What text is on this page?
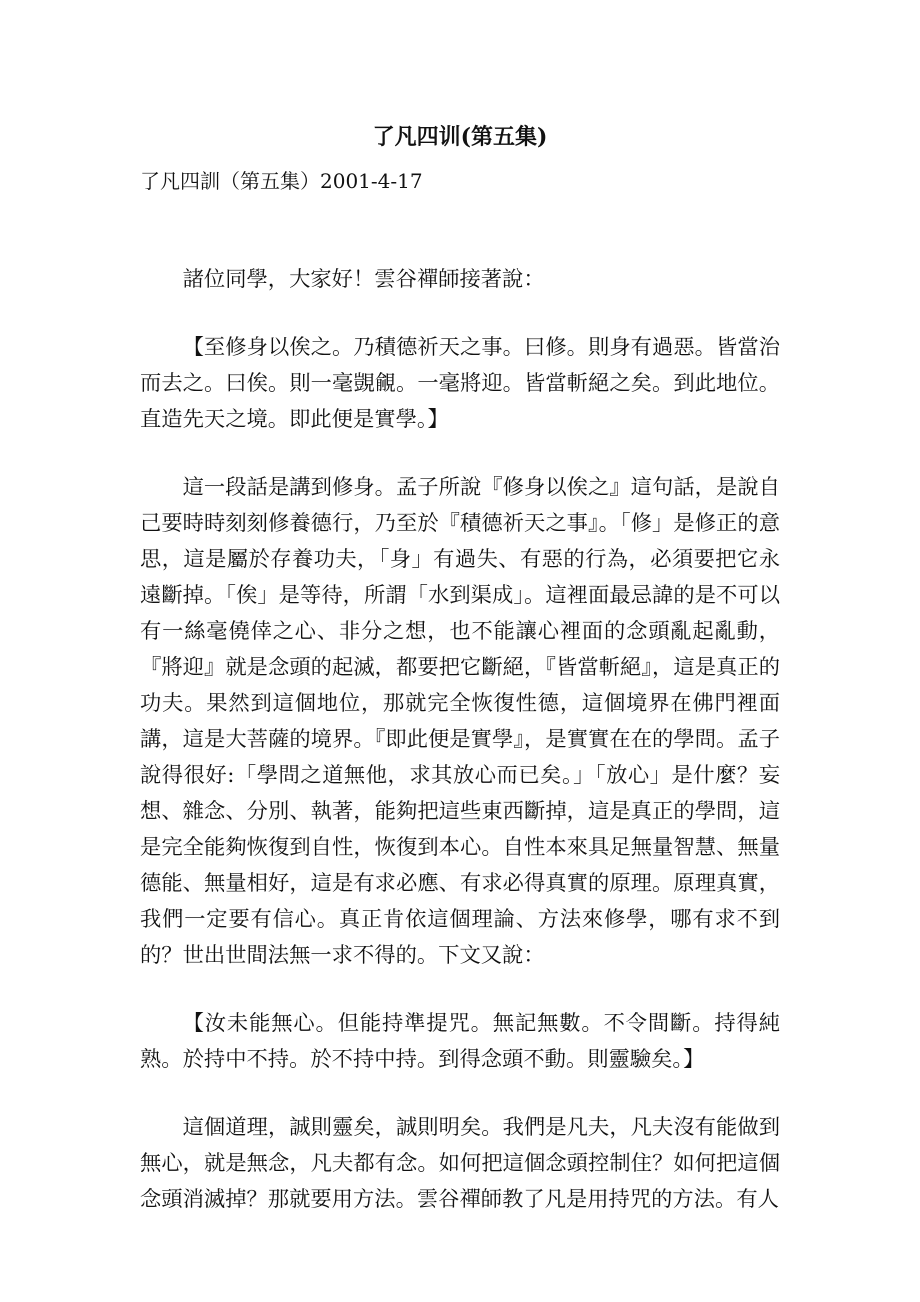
了凡四训(第五集)

了凡四訓（第五集）2001-4-17

諸位同學，大家好！雲谷禪師接著說：

【至修身以俟之。乃積德祈天之事。曰修。則身有過惡。皆當治而去之。曰俟。則一毫覬覦。一毫將迎。皆當斬絕之矣。到此地位。直造先天之境。即此便是實學。】

這一段話是講到修身。孟子所說『修身以俟之』這句話，是說自己要時時刻刻修養德行，乃至於『積德祈天之事』。「修」是修正的意思，這是屬於存養功夫，「身」有過失、有惡的行為，必須要把它永遠斷掉。「俟」是等待，所謂「水到渠成」。這裡面最忌諱的是不可以有一絲毫僥倖之心、非分之想，也不能讓心裡面的念頭亂起亂動，『將迎』就是念頭的起滅，都要把它斷絕，『皆當斬絕』，這是真正的功夫。果然到這個地位，那就完全恢復性德，這個境界在佛門裡面講，這是大菩薩的境界。『即此便是實學』，是實實在在的學問。孟子說得很好:「學問之道無他，求其放心而已矣。」「放心」是什麼？妄想、雜念、分別、執著，能夠把這些東西斷掉，這是真正的學問，這是完全能夠恢復到自性，恢復到本心。自性本來具足無量智慧、無量德能、無量相好，這是有求必應、有求必得真實的原理。原理真實，我們一定要有信心。真正肯依這個理論、方法來修學，哪有求不到的？世出世間法無一求不得的。下文又說：

【汝未能無心。但能持準提咒。無記無數。不令間斷。持得純熟。於持中不持。於不持中持。到得念頭不動。則靈驗矣。】

這個道理，誠則靈矣，誠則明矣。我們是凡夫，凡夫沒有能做到無心，就是無念，凡夫都有念。如何把這個念頭控制住？如何把這個念頭消滅掉？那就要用方法。雲谷禪師教了凡是用持咒的方法。有人
